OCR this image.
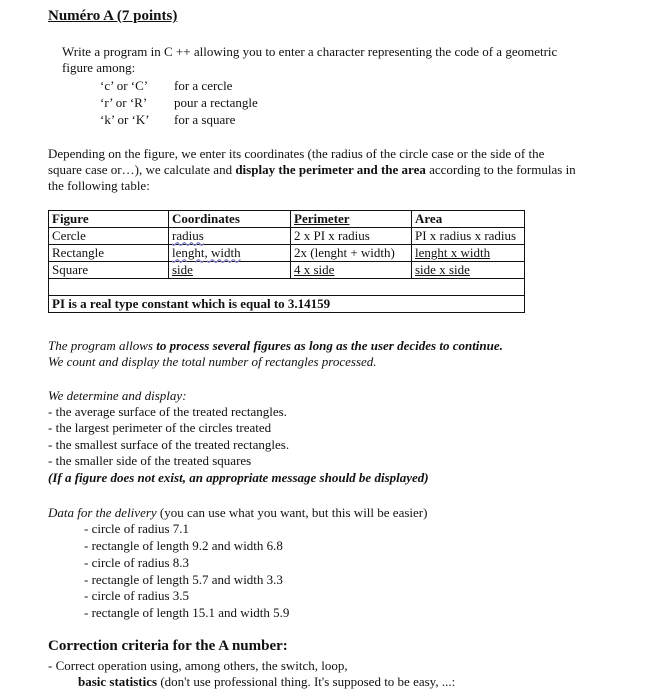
Numéro A (7 points)
Write a program in C ++ allowing you to enter a character representing the code of a geometric
figure among:
‘c’ or ‘C’ for a cercle
‘r’ or ‘R’ pour a rectangle
‘k’ or ‘K’ for a square
Depending on the figure, we enter its coordinates (the radius of the circle case or the side of the
square case or…), we calculate and display the perimeter and the area according to the formulas in
the following table:
Figure	Coordinates	Perimeter	Area
Cercle	radius	2 x PI x radius	PI x radius x radius
Rectangle	lenght, width	2x (lenght + width)	lenght x width
Square	side	4 x side	side x side

PI is a real type constant which is equal to 3.14159			
The program allows to process several figures as long as the user decides to continue.
We count and display the total number of rectangles processed.
We determine and display:
- the average surface of the treated rectangles.
- the largest perimeter of the circles treated
- the smallest surface of the treated rectangles.
- the smaller side of the treated squares
(If a figure does not exist, an appropriate message should be displayed)
Data for the delivery (you can use what you want, but this will be easier)
- circle of radius 7.1
- rectangle of length 9.2 and width 6.8
- circle of radius 8.3
- rectangle of length 5.7 and width 3.3
- circle of radius 3.5
- rectangle of length 15.1 and width 5.9
Correction criteria for the A number:
- Correct operation using, among others, the switch, loop,
basic statistics (don't use professional thing. It's supposed to be easy, ...:
